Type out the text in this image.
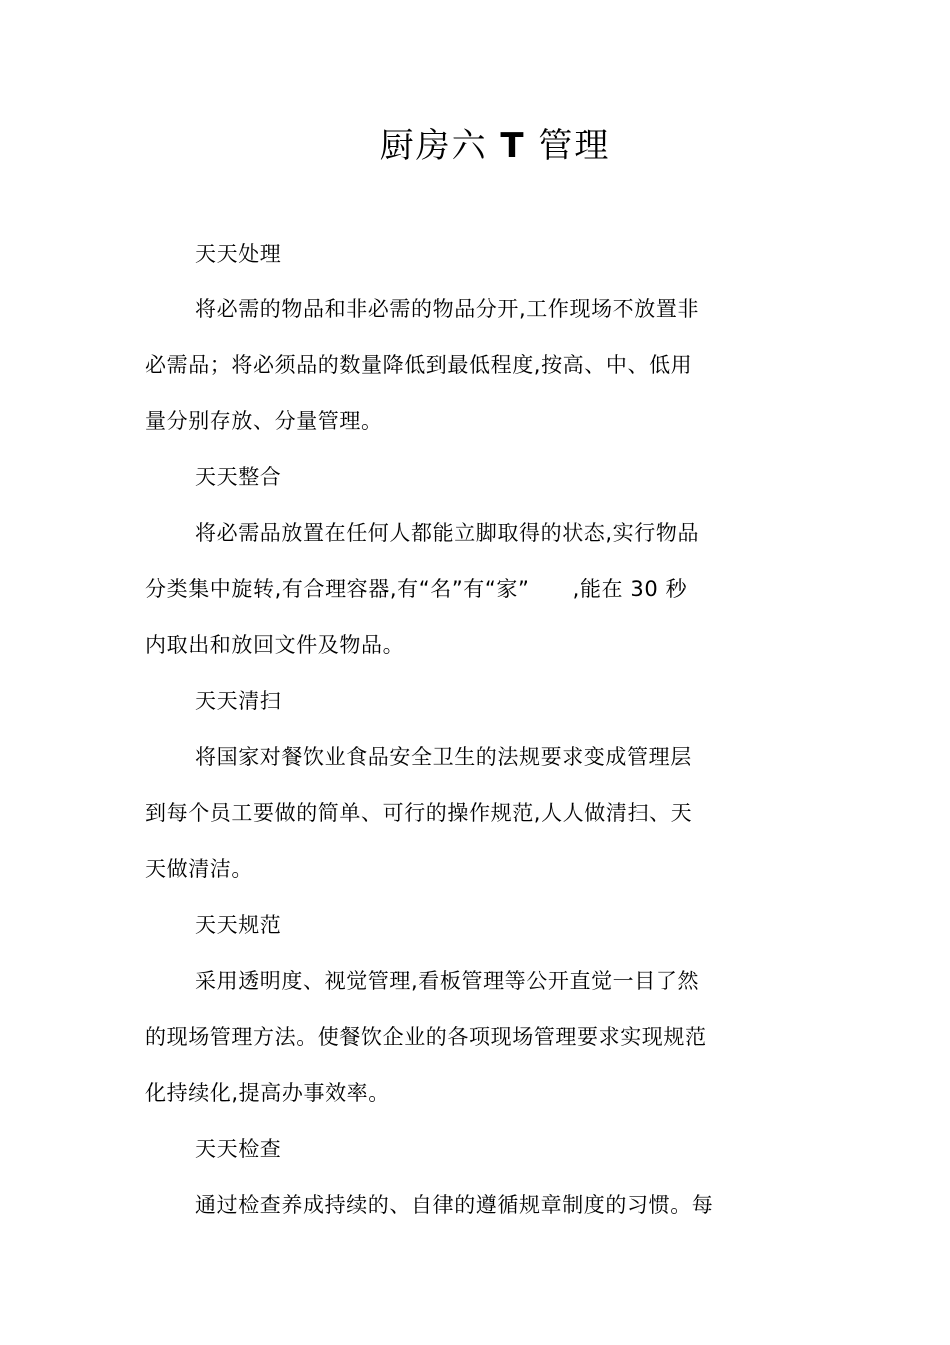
厨房六 T 管理
天天处理
将必需的物品和非必需的物品分开,工作现场不放置非
必需品；将必须品的数量降低到最低程度,按高、中、低用
量分别存放、分量管理。
天天整合
将必需品放置在任何人都能立脚取得的状态,实行物品
分类集中旋转,有合理容器,有“名”有“家”　　,能在 30 秒
内取出和放回文件及物品。
天天清扫
将国家对餐饮业食品安全卫生的法规要求变成管理层
到每个员工要做的简单、可行的操作规范,人人做清扫、天
天做清洁。
天天规范
采用透明度、视觉管理,看板管理等公开直觉一目了然
的现场管理方法。使餐饮企业的各项现场管理要求实现规范
化持续化,提高办事效率。
天天检查
通过检查养成持续的、自律的遵循规章制度的习惯。每
